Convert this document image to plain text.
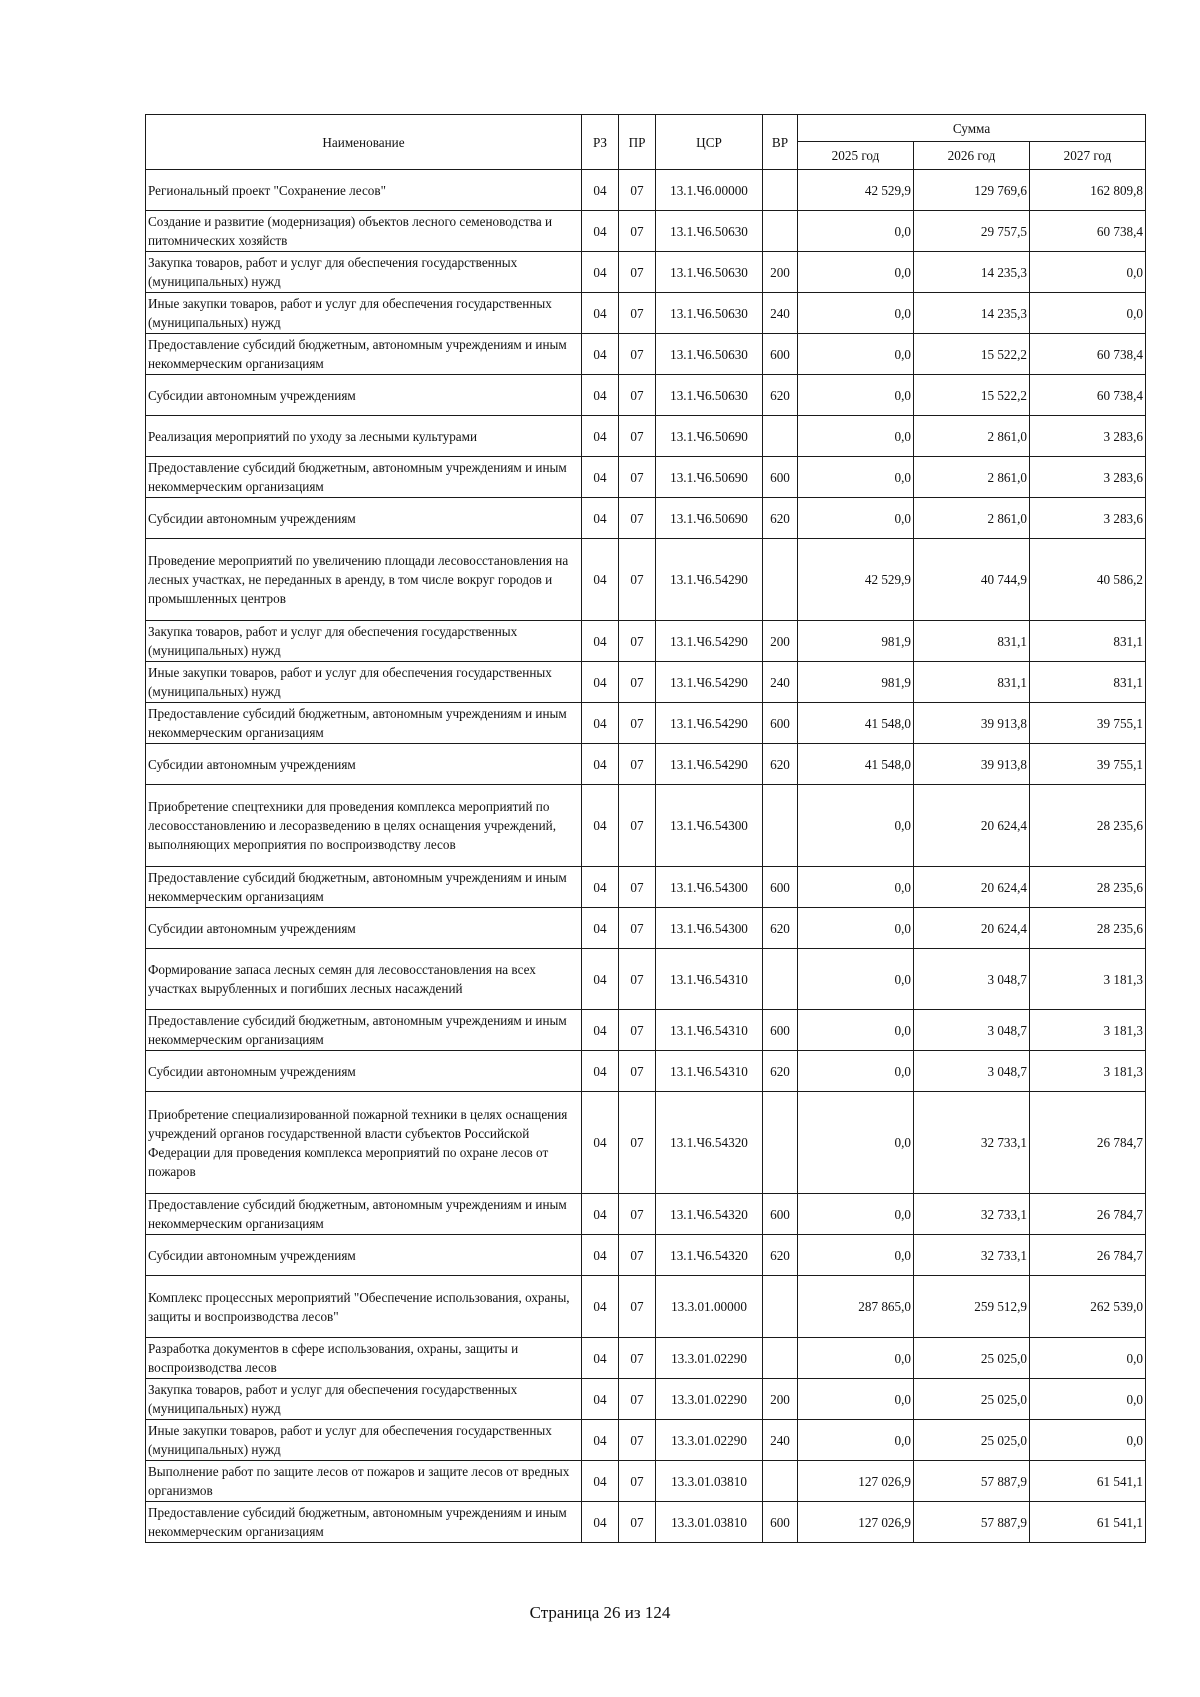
Наименование	РЗ	ПР	ЦСР	ВР	Сумма		
					2025 год	2026 год	2027 год
Региональный проект "Сохранение лесов"	04	07	13.1.Ч6.00000		42 529,9	129 769,6	162 809,8
Создание и развитие (модернизация) объектов лесного семеноводства и питомнических хозяйств	04	07	13.1.Ч6.50630		0,0	29 757,5	60 738,4
Закупка товаров, работ и услуг для обеспечения государственных (муниципальных) нужд	04	07	13.1.Ч6.50630	200	0,0	14 235,3	0,0
Иные закупки товаров, работ и услуг для обеспечения государственных (муниципальных) нужд	04	07	13.1.Ч6.50630	240	0,0	14 235,3	0,0
Предоставление субсидий бюджетным, автономным учреждениям и иным некоммерческим организациям	04	07	13.1.Ч6.50630	600	0,0	15 522,2	60 738,4
Субсидии автономным учреждениям	04	07	13.1.Ч6.50630	620	0,0	15 522,2	60 738,4
Реализация мероприятий по уходу за лесными культурами	04	07	13.1.Ч6.50690		0,0	2 861,0	3 283,6
Предоставление субсидий бюджетным, автономным учреждениям и иным некоммерческим организациям	04	07	13.1.Ч6.50690	600	0,0	2 861,0	3 283,6
Субсидии автономным учреждениям	04	07	13.1.Ч6.50690	620	0,0	2 861,0	3 283,6
Проведение мероприятий по увеличению площади лесовосстановления на лесных участках, не переданных в аренду, в том числе вокруг городов и промышленных центров	04	07	13.1.Ч6.54290		42 529,9	40 744,9	40 586,2
Закупка товаров, работ и услуг для обеспечения государственных (муниципальных) нужд	04	07	13.1.Ч6.54290	200	981,9	831,1	831,1
Иные закупки товаров, работ и услуг для обеспечения государственных (муниципальных) нужд	04	07	13.1.Ч6.54290	240	981,9	831,1	831,1
Предоставление субсидий бюджетным, автономным учреждениям и иным некоммерческим организациям	04	07	13.1.Ч6.54290	600	41 548,0	39 913,8	39 755,1
Субсидии автономным учреждениям	04	07	13.1.Ч6.54290	620	41 548,0	39 913,8	39 755,1
Приобретение спецтехники для проведения комплекса мероприятий по лесовосстановлению и лесоразведению в целях оснащения учреждений, выполняющих мероприятия по воспроизводству лесов	04	07	13.1.Ч6.54300		0,0	20 624,4	28 235,6
Предоставление субсидий бюджетным, автономным учреждениям и иным некоммерческим организациям	04	07	13.1.Ч6.54300	600	0,0	20 624,4	28 235,6
Субсидии автономным учреждениям	04	07	13.1.Ч6.54300	620	0,0	20 624,4	28 235,6
Формирование запаса лесных семян для лесовосстановления на всех участках вырубленных и погибших лесных насаждений	04	07	13.1.Ч6.54310		0,0	3 048,7	3 181,3
Предоставление субсидий бюджетным, автономным учреждениям и иным некоммерческим организациям	04	07	13.1.Ч6.54310	600	0,0	3 048,7	3 181,3
Субсидии автономным учреждениям	04	07	13.1.Ч6.54310	620	0,0	3 048,7	3 181,3
Приобретение специализированной пожарной техники в целях оснащения учреждений органов государственной власти субъектов Российской Федерации для проведения комплекса мероприятий по охране лесов от пожаров	04	07	13.1.Ч6.54320		0,0	32 733,1	26 784,7
Предоставление субсидий бюджетным, автономным учреждениям и иным некоммерческим организациям	04	07	13.1.Ч6.54320	600	0,0	32 733,1	26 784,7
Субсидии автономным учреждениям	04	07	13.1.Ч6.54320	620	0,0	32 733,1	26 784,7
Комплекс процессных мероприятий "Обеспечение использования, охраны, защиты и воспроизводства лесов"	04	07	13.3.01.00000		287 865,0	259 512,9	262 539,0
Разработка документов в сфере использования, охраны, защиты и воспроизводства лесов	04	07	13.3.01.02290		0,0	25 025,0	0,0
Закупка товаров, работ и услуг для обеспечения государственных (муниципальных) нужд	04	07	13.3.01.02290	200	0,0	25 025,0	0,0
Иные закупки товаров, работ и услуг для обеспечения государственных (муниципальных) нужд	04	07	13.3.01.02290	240	0,0	25 025,0	0,0
Выполнение работ по защите лесов от пожаров и защите лесов от вредных организмов	04	07	13.3.01.03810		127 026,9	57 887,9	61 541,1
Предоставление субсидий бюджетным, автономным учреждениям и иным некоммерческим организациям	04	07	13.3.01.03810	600	127 026,9	57 887,9	61 541,1
Страница 26 из 124
